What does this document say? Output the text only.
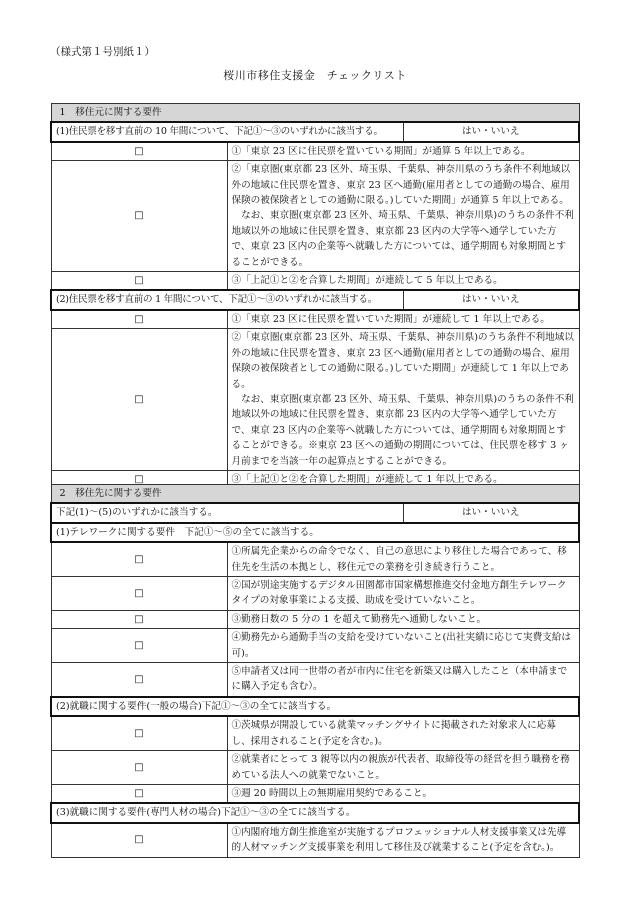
（様式第１号別紙１）
桜川市移住支援金　チェックリスト
1　移住元に関する要件		
(1)住民票を移す直前の 10 年間について、下記①～③のいずれかに該当する。		はい・いいえ
□	①「東京 23 区に住民票を置いている期間」が通算 5 年以上である。	
□	②「東京圏(東京都 23 区外、埼玉県、千葉県、神奈川県のうち条件不利地域以外の地域に住民票を置き、東京 23 区へ通勤(雇用者としての通勤の場合、雇用保険の被保険者としての通勤に限る。)していた期間」が通算 5 年以上である。
なお、東京圏(東京都 23 区外、埼玉県、千葉県、神奈川県)のうちの条件不利地域以外の地域に住民票を置き、東京都 23 区内の大学等へ通学していた方で、東京 23 区内の企業等へ就職した方については、通学期間も対象期間とすることができる。	

□	③「上記①と②を合算した期間」が連続して 5 年以上である。	
(2)住民票を移す直前の 1 年間について、下記①～③のいずれかに該当する。		はい・いいえ
□	①「東京 23 区に住民票を置いていた期間」が連続して 1 年以上である。	
□	②「東京圏(東京都 23 区外、埼玉県、千葉県、神奈川県)のうち条件不利地域以外の地域に住民票を置き、東京 23 区へ通勤(雇用者としての通勤の場合、雇用保険の被保険者としての通勤に限る。)していた期間」が連続して 1 年以上である。
なお、東京圏(東京都 23 区外、埼玉県、千葉県、神奈川県)のうちの条件不利地域以外の地域に住民票を置き、東京都 23 区内の大学等へ通学していた方で、東京 23 区内の企業等へ就職した方については、通学期間も対象期間とすることができる。※東京 23 区への通勤の期間については、住民票を移す 3 ヶ月前までを当該一年の起算点とすることができる。	

□	③「上記①と②を合算した期間」が連続して 1 年以上である。	
2　移住先に関する要件		
下記(1)～(5)のいずれかに該当する。		はい・いいえ
(1)テレワークに関する要件　下記①～⑤の全てに該当する。		
□	①所属先企業からの命令でなく、自己の意思により移住した場合であって、移住先を生活の本拠とし、移住元での業務を引き続き行うこと。	
□	②国が別途実施するデジタル田園都市国家構想推進交付金地方創生テレワークタイプの対象事業による支援、助成を受けていないこと。	
□	③勤務日数の 5 分の 1 を超えて勤務先へ通勤しないこと。	
□	④勤務先から通勤手当の支給を受けていないこと(出社実績に応じて実費支給は可)。	
□	⑤申請者又は同一世帯の者が市内に住宅を新築又は購入したこと（本申請までに購入予定も含む）。	
(2)就職に関する要件(一般の場合)下記①～③の全てに該当する。		
□	①茨城県が開設している就業マッチングサイトに掲載された対象求人に応募し、採用されること(予定を含む。)。	
□	②就業者にとって 3 親等以内の親族が代表者、取締役等の経営を担う職務を務めている法人への就業でないこと。	
□	③週 20 時間以上の無期雇用契約であること。	
(3)就職に関する要件(専門人材の場合)下記①～③の全てに該当する。		
□	①内閣府地方創生推進室が実施するプロフェッショナル人材支援事業又は先導的人材マッチング支援事業を利用して移住及び就業すること(予定を含む。)。	
